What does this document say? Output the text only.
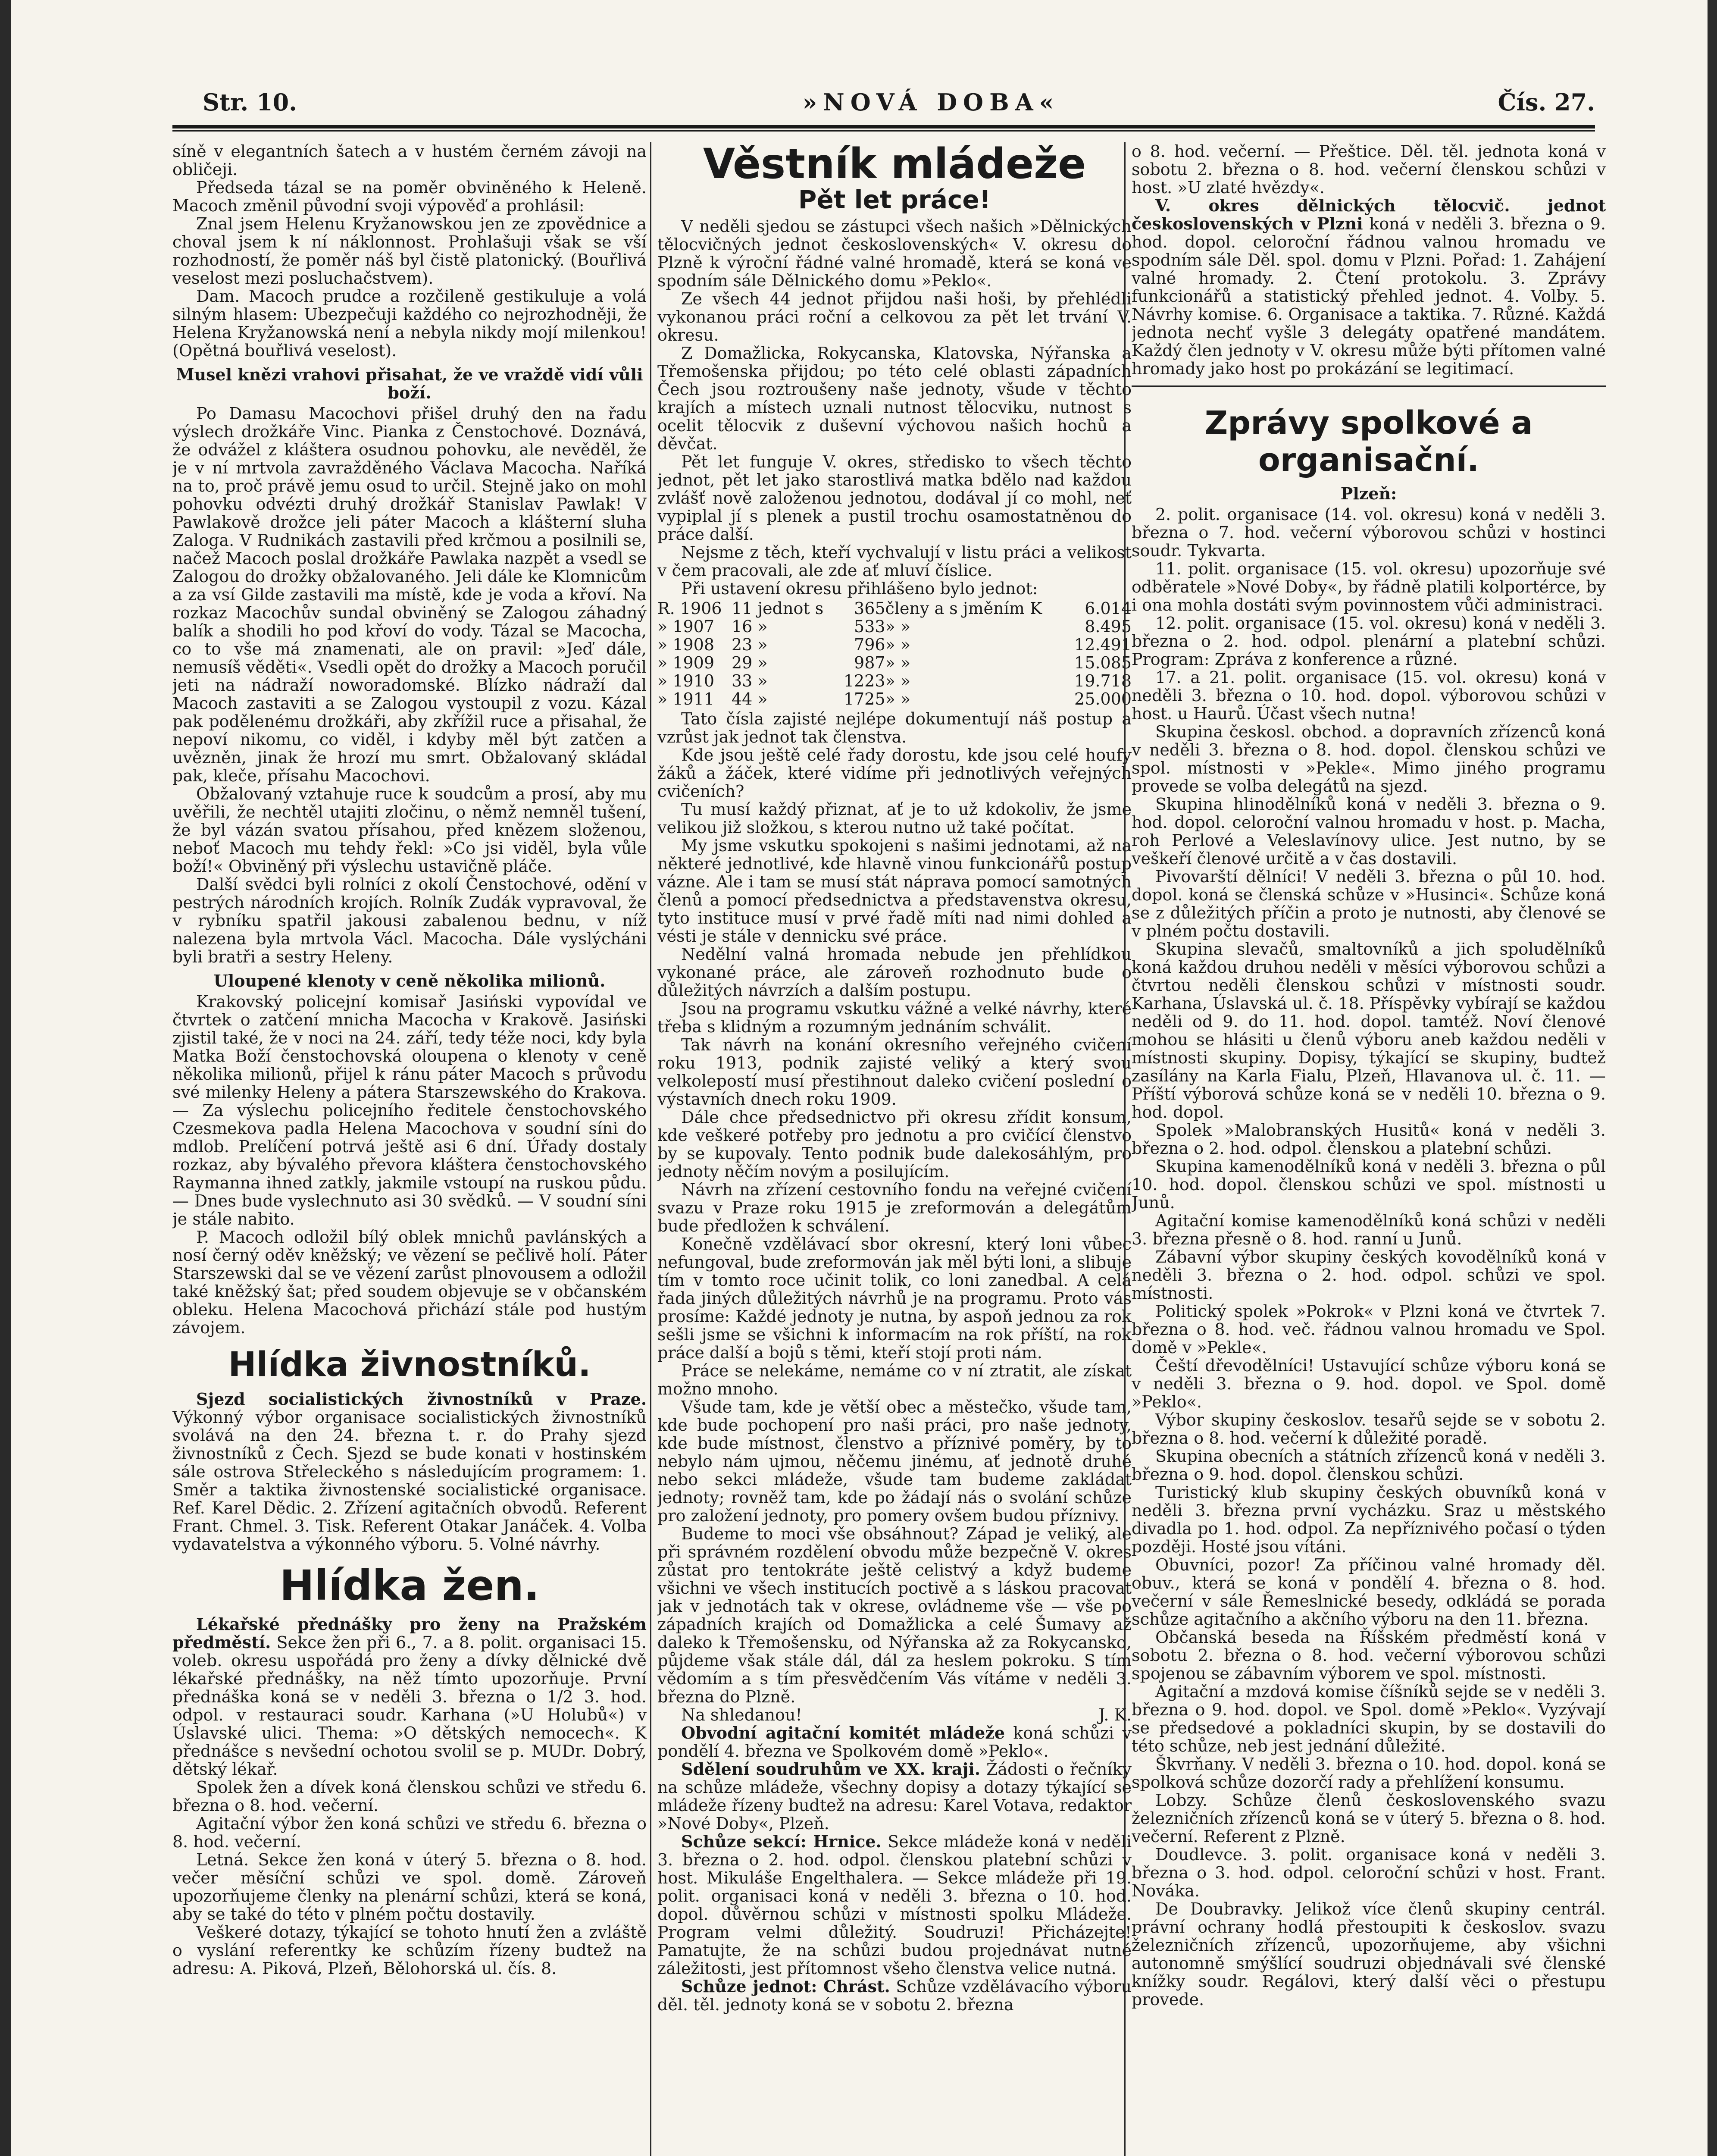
Str. 10.	»NOVÁ DOBA«	Čís. 27.

síně v elegantních šatech a v hustém černém závoji na obličeji.

Předseda tázal se na poměr obviněného k Heleně. Macoch změnil původní svoji výpověď a prohlásil:

Znal jsem Helenu Kryžanowskou jen ze zpovědnice a choval jsem k ní náklonnost. Prohlašuji však se vší rozhodností, že poměr náš byl čistě platonický. (Bouřlivá veselost mezi posluchačstvem).

Dam. Macoch prudce a rozčileně gestikuluje a volá silným hlasem: Ubezpečuji každého co nejrozhodněji, že Helena Kryžanowská není a nebyla nikdy mojí milenkou! (Opětná bouřlivá veselost).

Musel knězi vrahovi přisahat, že ve vraždě vidí vůli boží.

Po Damasu Macochovi přišel druhý den na řadu výslech drožkáře Vinc. Pianka z Čenstochové. Doznává, že odvážel z kláštera osudnou pohovku, ale nevěděl, že je v ní mrtvola zavražděného Václava Macocha. Naříká na to, proč právě jemu osud to určil. Stejně jako on mohl pohovku odvézti druhý drožkář Stanislav Pawlak! V Pawlakově drožce jeli páter Macoch a klášterní sluha Zaloga. V Rudnikách zastavili před krčmou a posilnili se, načež Macoch poslal drožkáře Pawlaka nazpět a vsedl se Zalogou do drožky obžalovaného. Jeli dále ke Klomnicům a za vsí Gilde zastavili ma místě, kde je voda a křoví. Na rozkaz Macochův sundal obviněný se Zalogou záhadný balík a shodili ho pod křoví do vody. Tázal se Macocha, co to vše má znamenati, ale on pravil: »Jeď dále, nemusíš věděti«. Vsedli opět do drožky a Macoch poručil jeti na nádraží noworadomské. Blízko nádraží dal Macoch zastaviti a se Zalogou vystoupil z vozu. Kázal pak podělenému drožkáři, aby zkřížil ruce a přisahal, že nepoví nikomu, co viděl, i kdyby měl být zatčen a uvězněn, jinak že hrozí mu smrt. Obžalovaný skládal pak, kleče, přísahu Macochovi.

Obžalovaný vztahuje ruce k soudcům a prosí, aby mu uvěřili, že nechtěl utajiti zločinu, o němž nemněl tušení, že byl vázán svatou přísahou, před knězem složenou, neboť Macoch mu tehdy řekl: »Co jsi viděl, byla vůle boží!« Obviněný při výslechu ustavičně pláče.

Další svědci byli rolníci z okolí Čenstochové, odění v pestrých národních krojích. Rolník Zudák vypravoval, že v rybníku spatřil jakousi zabalenou bednu, v níž nalezena byla mrtvola Václ. Macocha. Dále vyslýcháni byli bratři a sestry Heleny.

Uloupené klenoty v ceně několika milionů.

Krakovský policejní komisař Jasiński vypovídal ve čtvrtek o zatčení mnicha Macocha v Krakově. Jasiński zjistil také, že v noci na 24. září, tedy téže noci, kdy byla Matka Boží čenstochovská oloupena o klenoty v ceně několika milionů, přijel k ránu páter Macoch s průvodu své milenky Heleny a pátera Starszewského do Krakova. — Za výslechu policejního ředitele čenstochovského Czesmekova padla Helena Macochova v soudní síni do mdlob. Prelíčení potrvá ještě asi 6 dní. Úřady dostaly rozkaz, aby bývalého převora kláštera čenstochovského Raymanna ihned zatkly, jakmile vstoupí na ruskou půdu. — Dnes bude vyslechnuto asi 30 svědků. — V soudní síni je stále nabito.

P. Macoch odložil bílý oblek mnichů pavlánských a nosí černý oděv kněžský; ve vězení se pečlivě holí. Páter Starszewski dal se ve vězení zarůst plnovousem a odložil také kněžský šat; před soudem objevuje se v občanském obleku. Helena Macochová přichází stále pod hustým závojem.

Hlídka živnostníků.

Sjezd socialistických živnostníků v Praze. Výkonný výbor organisace socialistických živnostníků svolává na den 24. března t. r. do Prahy sjezd živnostníků z Čech. Sjezd se bude konati v hostinském sále ostrova Střeleckého s následujícím programem: 1. Směr a taktika živnostenské socialistické organisace. Ref. Karel Dědic. 2. Zřízení agitačních obvodů. Referent Frant. Chmel. 3. Tisk. Referent Otakar Janáček. 4. Volba vydavatelstva a výkonného výboru. 5. Volné návrhy.

Hlídka žen.

Lékařské přednášky pro ženy na Pražském předměstí. Sekce žen při 6., 7. a 8. polit. organisaci 15. voleb. okresu uspořádá pro ženy a dívky dělnické dvě lékařské přednášky, na něž tímto upozorňuje. První přednáška koná se v neděli 3. března o 1/2 3. hod. odpol. v restauraci soudr. Karhana (»U Holubů«) v Úslavské ulici. Thema: »O dětských nemocech«. K přednášce s nevšední ochotou svolil se p. MUDr. Dobrý, dětský lékař.

Spolek žen a dívek koná členskou schůzi ve středu 6. března o 8. hod. večerní.

Agitační výbor žen koná schůzi ve středu 6. března o 8. hod. večerní.

Letná. Sekce žen koná v úterý 5. března o 8. hod. večer měsíční schůzi ve spol. domě. Zároveň upozorňujeme členky na plenární schůzi, která se koná, aby se také do této v plném počtu dostavily.

Veškeré dotazy, týkající se tohoto hnutí žen a zvláště o vyslání referentky ke schůzím řízeny budtež na adresu: A. Piková, Plzeň, Bělohorská ul. čís. 8.

Věstník mládeže
Pět let práce!

V neděli sjedou se zástupci všech našich »Dělnických tělocvičných jednot československých« V. okresu do Plzně k výroční řádné valné hromadě, která se koná ve spodním sále Dělnického domu »Peklo«.

Ze všech 44 jednot přijdou naši hoši, by přehlédli vykonanou práci roční a celkovou za pět let trvání V. okresu.

Z Domažlicka, Rokycanska, Klatovska, Nýřanska a Třemošenska přijdou; po této celé oblasti západních Čech jsou roztroušeny naše jednoty, všude v těchto krajích a místech uznali nutnost tělocviku, nutnost s ocelit tělocvik z duševní výchovou našich hochů a děvčat.

Pět let funguje V. okres, středisko to všech těchto jednot, pět let jako starostlivá matka bdělo nad každou zvlášť nově založenou jednotou, dodával jí co mohl, neť vypiplal jí s plenek a pustil trochu osamostatněnou do práce další.

Nejsme z těch, kteří vychvalují v listu práci a velikost v čem pracovali, ale zde ať mluví číslice.

Při ustavení okresu přihlášeno bylo jednot:

R. 1906	11 jednot s	365	členy a s jměním K	6.014
» 1907	16 »	533	» »	8.495
» 1908	23 »	796	» »	12.491
» 1909	29 »	987	» »	15.085
» 1910	33 »	1223	» »	19.718
» 1911	44 »	1725	» »	25.000

Tato čísla zajisté nejlépe dokumentují náš postup a vzrůst jak jednot tak členstva.

Kde jsou ještě celé řady dorostu, kde jsou celé houfy žáků a žáček, které vidíme při jednotlivých veřejných cvičeních?

Tu musí každý přiznat, ať je to už kdokoliv, že jsme velikou již složkou, s kterou nutno už také počítat.

My jsme vskutku spokojeni s našimi jednotami, až na některé jednotlivé, kde hlavně vinou funkcionářů postup vázne. Ale i tam se musí stát náprava pomocí samotných členů a pomocí předsednictva a představenstva okresu, tyto instituce musí v prvé řadě míti nad nimi dohled a vésti je stále v dennicku své práce.

Nedělní valná hromada nebude jen přehlídkou vykonané práce, ale zároveň rozhodnuto bude o důležitých návrzích a dalším postupu.

Jsou na programu vskutku vážné a velké návrhy, které třeba s klidným a rozumným jednáním schválit.

Tak návrh na konání okresního veřejného cvičení roku 1913, podnik zajisté veliký a který svou velkolepostí musí přestihnout daleko cvičení poslední o výstavních dnech roku 1909.

Dále chce předsednictvo při okresu zřídit konsum, kde veškeré potřeby pro jednotu a pro cvičící členstvo by se kupovaly. Tento podnik bude dalekosáhlým, pro jednoty něčím novým a posilujícím.

Návrh na zřízení cestovního fondu na veřejné cvičení svazu v Praze roku 1915 je zreformován a delegátům bude předložen k schválení.

Konečně vzdělávací sbor okresní, který loni vůbec nefungoval, bude zreformován jak měl býti loni, a slibuje tím v tomto roce učinit tolik, co loni zanedbal. A celá řada jiných důležitých návrhů je na programu. Proto vás prosíme: Každé jednoty je nutna, by aspoň jednou za rok sešli jsme se všichni k informacím na rok příští, na rok práce další a bojů s těmi, kteří stojí proti nám.

Práce se nelekáme, nemáme co v ní ztratit, ale získat možno mnoho.

Všude tam, kde je větší obec a městečko, všude tam, kde bude pochopení pro naši práci, pro naše jednoty, kde bude místnost, členstvo a příznivé poměry, by to nebylo nám ujmou, něčemu jinému, ať jednotě druhé nebo sekci mládeže, všude tam budeme zakládat jednoty; rovněž tam, kde po žádají nás o svolání schůze pro založení jednoty, pro pomery ovšem budou příznivy.

Budeme to moci vše obsáhnout? Západ je veliký, ale při správném rozdělení obvodu může bezpečně V. okres zůstat pro tentokráte ještě celistvý a když budeme všichni ve všech institucích poctivě a s láskou pracovat jak v jednotách tak v okrese, ovládneme vše — vše po západních krajích od Domažlicka a celé Šumavy až daleko k Třemošensku, od Nýřanska až za Rokycansko, půjdeme však stále dál, dál za heslem pokroku. S tím vědomím a s tím přesvědčením Vás vítáme v neděli 3. března do Plzně.

Na shledanou!	J. K.

Obvodní agitační komitét mládeže koná schůzi v pondělí 4. března ve Spolkovém domě »Peklo«.

Sdělení soudruhům ve XX. kraji. Žádosti o řečníky na schůze mládeže, všechny dopisy a dotazy týkající se mládeže řízeny budtež na adresu: Karel Votava, redaktor »Nové Doby«, Plzeň.

Schůze sekcí: Hrnice. Sekce mládeže koná v neděli 3. března o 2. hod. odpol. členskou platební schůzi v host. Mikuláše Engelthalera. — Sekce mládeže při 19. polit. organisaci koná v neděli 3. března o 10. hod. dopol. důvěrnou schůzi v místnosti spolku Mládeže. Program velmi důležitý. Soudruzi! Přicházejte! Pamatujte, že na schůzi budou projednávat nutné záležitosti, jest přítomnost všeho členstva velice nutná.

Schůze jednot: Chrást. Schůze vzdělávacího výboru děl. těl. jednoty koná se v sobotu 2. března

o 8. hod. večerní. — Přeštice. Děl. těl. jednota koná v sobotu 2. března o 8. hod. večerní členskou schůzi v host. »U zlaté hvězdy«.

V. okres dělnických tělocvič. jednot československých v Plzni koná v neděli 3. března o 9. hod. dopol. celoroční řádnou valnou hromadu ve spodním sále Děl. spol. domu v Plzni. Pořad: 1. Zahájení valné hromady. 2. Čtení protokolu. 3. Zprávy funkcionářů a statistický přehled jednot. 4. Volby. 5. Návrhy komise. 6. Organisace a taktika. 7. Různé. Každá jednota nechť vyšle 3 delegáty opatřené mandátem. Každý člen jednoty v V. okresu může býti přítomen valné hromady jako host po prokázání se legitimací.

Zprávy spolkové a organisační.
Plzeň:

2. polit. organisace (14. vol. okresu) koná v neděli 3. března o 7. hod. večerní výborovou schůzi v hostinci soudr. Tykvarta.

11. polit. organisace (15. vol. okresu) upozorňuje své odběratele »Nové Doby«, by řádně platili kolportérce, by i ona mohla dostáti svým povinnostem vůči administraci.

12. polit. organisace (15. vol. okresu) koná v neděli 3. března o 2. hod. odpol. plenární a platební schůzi. Program: Zpráva z konference a různé.

17. a 21. polit. organisace (15. vol. okresu) koná v neděli 3. března o 10. hod. dopol. výborovou schůzi v host. u Haurů. Účast všech nutna!

Skupina českosl. obchod. a dopravních zřízenců koná v neděli 3. března o 8. hod. dopol. členskou schůzi ve spol. místnosti v »Pekle«. Mimo jiného programu provede se volba delegátů na sjezd.

Skupina hlinodělníků koná v neděli 3. března o 9. hod. dopol. celoroční valnou hromadu v host. p. Macha, roh Perlové a Veleslavínovy ulice. Jest nutno, by se veškeří členové určitě a v čas dostavili.

Pivovarští dělníci! V neděli 3. března o půl 10. hod. dopol. koná se členská schůze v »Husinci«. Schůze koná se z důležitých příčin a proto je nutnosti, aby členové se v plném počtu dostavili.

Skupina slevačů, smaltovníků a jich spoludělníků koná každou druhou neděli v měsíci výborovou schůzi a čtvrtou neděli členskou schůzi v místnosti soudr. Karhana, Úslavská ul. č. 18. Příspěvky vybírají se každou neděli od 9. do 11. hod. dopol. tamtéž. Noví členové mohou se hlásiti u členů výboru aneb každou neděli v místnosti skupiny. Dopisy, týkající se skupiny, budtež zasílány na Karla Fialu, Plzeň, Hlavanova ul. č. 11. — Příští výborová schůze koná se v neděli 10. března o 9. hod. dopol.

Spolek »Malobranských Husitů« koná v neděli 3. března o 2. hod. odpol. členskou a platební schůzi.

Skupina kamenodělníků koná v neděli 3. března o půl 10. hod. dopol. členskou schůzi ve spol. místnosti u Junů.

Agitační komise kamenodělníků koná schůzi v neděli 3. března přesně o 8. hod. ranní u Junů.

Zábavní výbor skupiny českých kovodělníků koná v neděli 3. března o 2. hod. odpol. schůzi ve spol. místnosti.

Politický spolek »Pokrok« v Plzni koná ve čtvrtek 7. března o 8. hod. več. řádnou valnou hromadu ve Spol. domě v »Pekle«.

Čeští dřevodělníci! Ustavující schůze výboru koná se v neděli 3. března o 9. hod. dopol. ve Spol. domě »Peklo«.

Výbor skupiny českoslov. tesařů sejde se v sobotu 2. března o 8. hod. večerní k důležité poradě.

Skupina obecních a státních zřízenců koná v neděli 3. března o 9. hod. dopol. členskou schůzi.

Turistický klub skupiny českých obuvníků koná v neděli 3. března první vycházku. Sraz u městského divadla po 1. hod. odpol. Za nepříznivého počasí o týden později. Hosté jsou vítáni.

Obuvníci, pozor! Za příčinou valné hromady děl. obuv., která se koná v pondělí 4. března o 8. hod. večerní v sále Řemeslnické besedy, odkládá se porada schůze agitačního a akčního výboru na den 11. března.

Občanská beseda na Říšském předměstí koná v sobotu 2. března o 8. hod. večerní výborovou schůzi spojenou se zábavním výborem ve spol. místnosti.

Agitační a mzdová komise číšníků sejde se v neděli 3. března o 9. hod. dopol. ve Spol. domě »Peklo«. Vyzývají se předsedové a pokladníci skupin, by se dostavili do této schůze, neb jest jednání důležité.

Škvrňany. V neděli 3. března o 10. hod. dopol. koná se spolková schůze dozorčí rady a přehlížení konsumu.

Lobzy. Schůze členů československého svazu železničních zřízenců koná se v úterý 5. března o 8. hod. večerní. Referent z Plzně.

Doudlevce. 3. polit. organisace koná v neděli 3. března o 3. hod. odpol. celoroční schůzi v host. Frant. Nováka.

De Doubravky. Jelikož více členů skupiny centrál. právní ochrany hodlá přestoupiti k českoslov. svazu železničních zřízenců, upozorňujeme, aby všichni autonomně smýšlící soudruzi objednávali své členské knížky soudr. Regálovi, který další věci o přestupu provede.
